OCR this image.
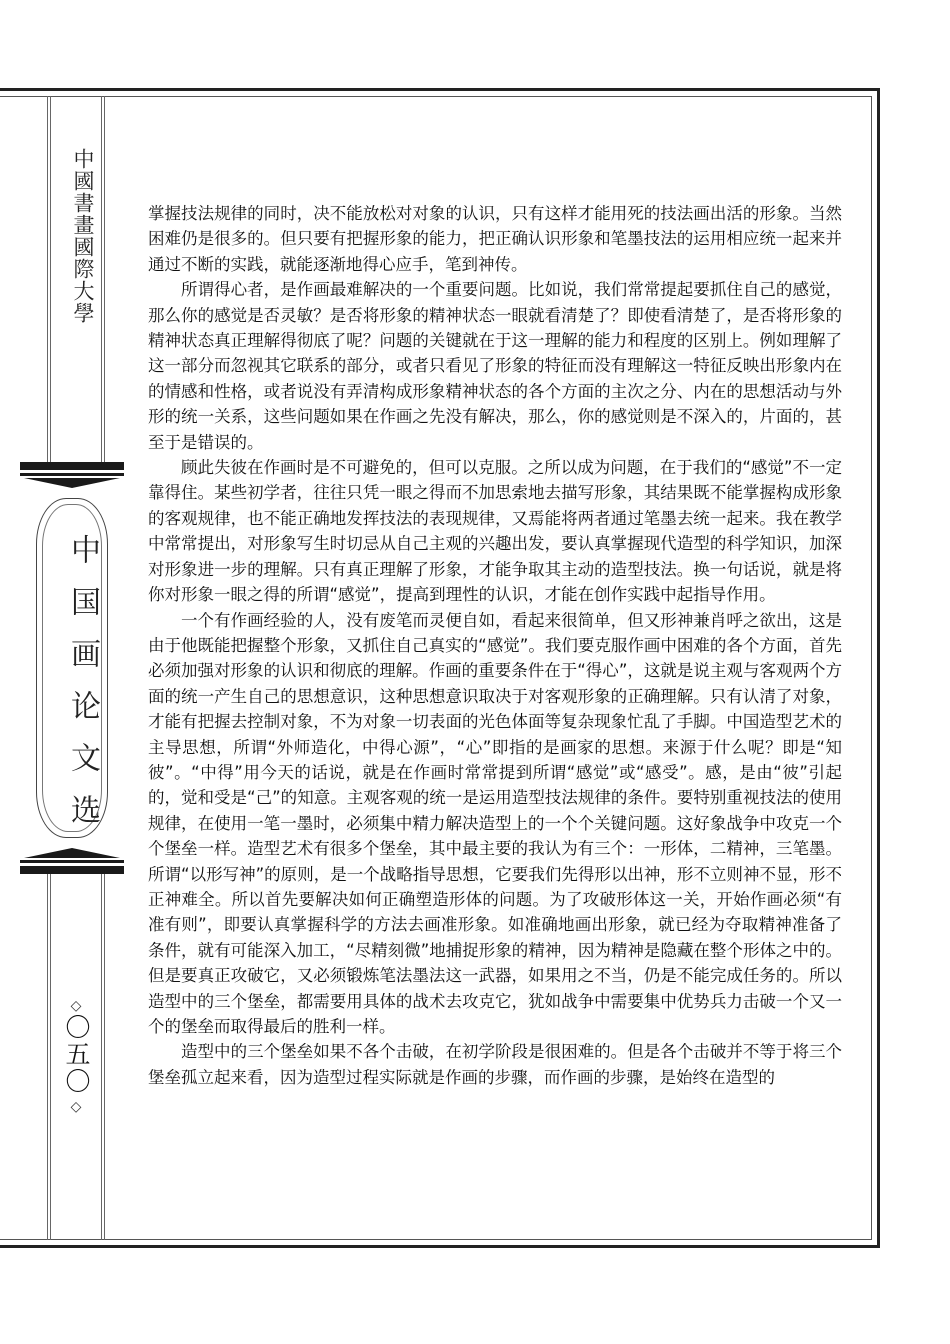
中國書畫國際大學
中国画论文选
◇
〇五〇
◇

掌握技法规律的同时，决不能放松对对象的认识，只有这样才能用死的技法画出活的形象。当然困难仍是很多的。但只要有把握形象的能力，把正确认识形象和笔墨技法的运用相应统一起来并通过不断的实践，就能逐渐地得心应手，笔到神传。

所谓得心者，是作画最难解决的一个重要问题。比如说，我们常常提起要抓住自己的感觉，那么你的感觉是否灵敏？是否将形象的精神状态一眼就看清楚了？即使看清楚了，是否将形象的精神状态真正理解得彻底了呢？问题的关键就在于这一理解的能力和程度的区别上。例如理解了这一部分而忽视其它联系的部分，或者只看见了形象的特征而没有理解这一特征反映出形象内在的情感和性格，或者说没有弄清构成形象精神状态的各个方面的主次之分、内在的思想活动与外形的统一关系，这些问题如果在作画之先没有解决，那么，你的感觉则是不深入的，片面的，甚至于是错误的。

顾此失彼在作画时是不可避免的，但可以克服。之所以成为问题，在于我们的“感觉”不一定靠得住。某些初学者，往往只凭一眼之得而不加思索地去描写形象，其结果既不能掌握构成形象的客观规律，也不能正确地发挥技法的表现规律，又焉能将两者通过笔墨去统一起来。我在教学中常常提出，对形象写生时切忌从自己主观的兴趣出发，要认真掌握现代造型的科学知识，加深对形象进一步的理解。只有真正理解了形象，才能争取其主动的造型技法。换一句话说，就是将你对形象一眼之得的所谓“感觉”，提高到理性的认识，才能在创作实践中起指导作用。

一个有作画经验的人，没有废笔而灵便自如，看起来很简单，但又形神兼肖呼之欲出，这是由于他既能把握整个形象，又抓住自己真实的“感觉”。我们要克服作画中困难的各个方面，首先必须加强对形象的认识和彻底的理解。作画的重要条件在于“得心”，这就是说主观与客观两个方面的统一产生自己的思想意识，这种思想意识取决于对客观形象的正确理解。只有认清了对象，才能有把握去控制对象，不为对象一切表面的光色体面等复杂现象忙乱了手脚。中国造型艺术的主导思想，所谓“外师造化，中得心源”，“心”即指的是画家的思想。来源于什么呢？即是“知彼”。“中得”用今天的话说，就是在作画时常常提到所谓“感觉”或“感受”。感，是由“彼”引起的，觉和受是“己”的知意。主观客观的统一是运用造型技法规律的条件。要特别重视技法的使用规律，在使用一笔一墨时，必须集中精力解决造型上的一个个关键问题。这好象战争中攻克一个个堡垒一样。造型艺术有很多个堡垒，其中最主要的我认为有三个：一形体，二精神，三笔墨。所谓“以形写神”的原则，是一个战略指导思想，它要我们先得形以出神，形不立则神不显，形不正神难全。所以首先要解决如何正确塑造形体的问题。为了攻破形体这一关，开始作画必须“有准有则”，即要认真掌握科学的方法去画准形象。如准确地画出形象，就已经为夺取精神准备了条件，就有可能深入加工，“尽精刻微”地捕捉形象的精神，因为精神是隐藏在整个形体之中的。但是要真正攻破它，又必须锻炼笔法墨法这一武器，如果用之不当，仍是不能完成任务的。所以造型中的三个堡垒，都需要用具体的战术去攻克它，犹如战争中需要集中优势兵力击破一个又一个的堡垒而取得最后的胜利一样。

造型中的三个堡垒如果不各个击破，在初学阶段是很困难的。但是各个击破并不等于将三个堡垒孤立起来看，因为造型过程实际就是作画的步骤，而作画的步骤，是始终在造型的
